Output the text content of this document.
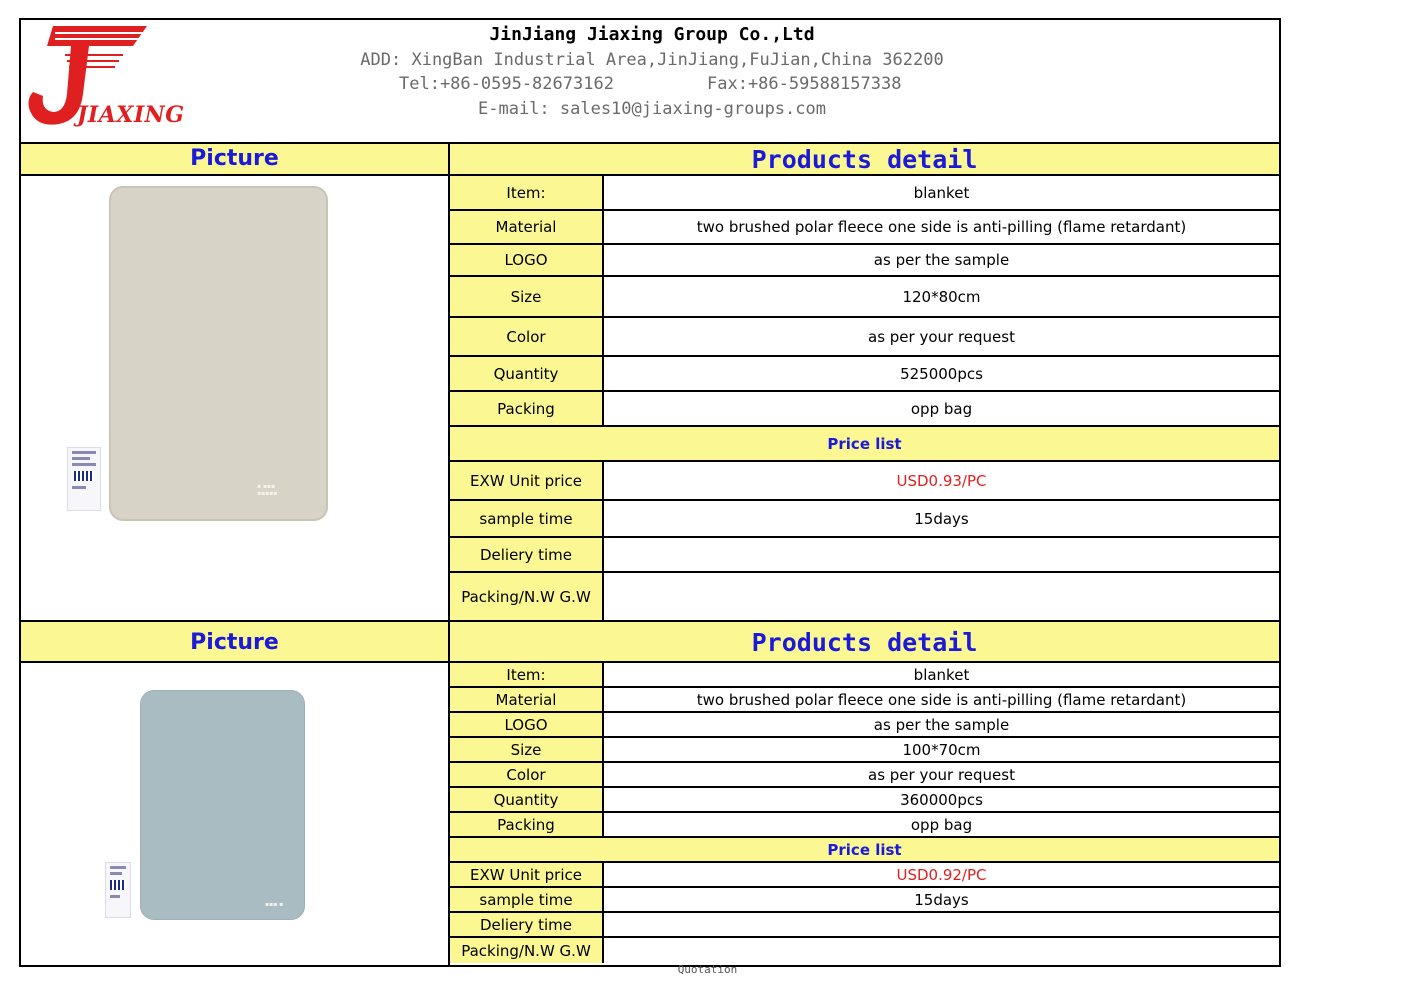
JIAXING
JinJiang Jiaxing Group Co.,Ltd
ADD: XingBan Industrial Area,JinJiang,FuJian,China 362200
Tel:+86-0595-82673162	Fax:+86-59588157338
E-mail: sales10@jiaxing-groups.com
Picture
▪ ▪▪▪
▪▪▪▪▪
Products detail
Item:	blanket
Material	two brushed polar fleece one side is anti-pilling (flame retardant)
LOGO	as per the sample
Size	120*80cm
Color	as per your request
Quantity	525000pcs
Packing	opp bag
Price list
EXW Unit price	USD0.93/PC
sample time	15days
Deliery time
Packing/N.W G.W
Picture
▪▪▪ ▪
Products detail
Item:	blanket
Material	two brushed polar fleece one side is anti-pilling (flame retardant)
LOGO	as per the sample
Size	100*70cm
Color	as per your request
Quantity	360000pcs
Packing	opp bag
Price list
EXW Unit price	USD0.92/PC
sample time	15days
Deliery time
Packing/N.W G.W
Quotation
